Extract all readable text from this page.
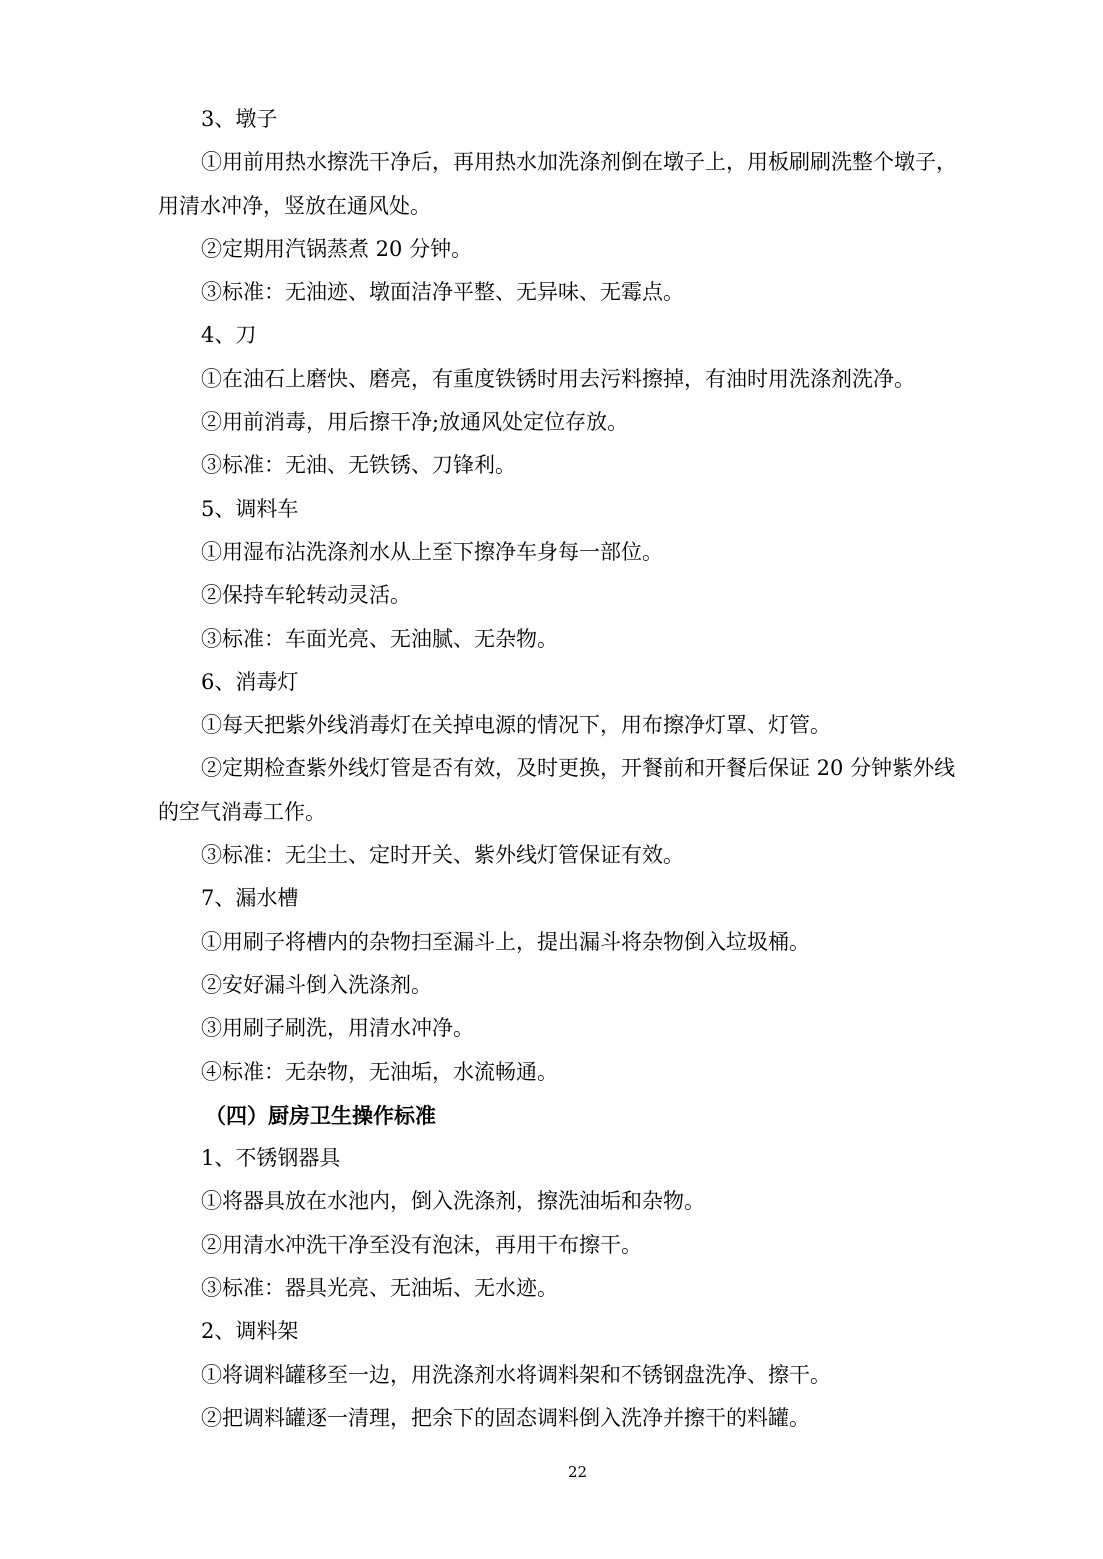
3、墩子
①用前用热水擦洗干净后，再用热水加洗涤剂倒在墩子上，用板刷刷洗整个墩子，
用清水冲净，竖放在通风处。
②定期用汽锅蒸煮 20 分钟。
③标准：无油迹、墩面洁净平整、无异味、无霉点。
4、刀
①在油石上磨快、磨亮，有重度铁锈时用去污料擦掉，有油时用洗涤剂洗净。
②用前消毒，用后擦干净;放通风处定位存放。
③标准：无油、无铁锈、刀锋利。
5、调料车
①用湿布沾洗涤剂水从上至下擦净车身每一部位。
②保持车轮转动灵活。
③标准：车面光亮、无油腻、无杂物。
6、消毒灯
①每天把紫外线消毒灯在关掉电源的情况下，用布擦净灯罩、灯管。
②定期检查紫外线灯管是否有效，及时更换，开餐前和开餐后保证 20 分钟紫外线
的空气消毒工作。
③标准：无尘土、定时开关、紫外线灯管保证有效。
7、漏水槽
①用刷子将槽内的杂物扫至漏斗上，提出漏斗将杂物倒入垃圾桶。
②安好漏斗倒入洗涤剂。
③用刷子刷洗，用清水冲净。
④标准：无杂物，无油垢，水流畅通。
（四）厨房卫生操作标准
1、不锈钢器具
①将器具放在水池内，倒入洗涤剂，擦洗油垢和杂物。
②用清水冲洗干净至没有泡沫，再用干布擦干。
③标准：器具光亮、无油垢、无水迹。
2、调料架
①将调料罐移至一边，用洗涤剂水将调料架和不锈钢盘洗净、擦干。
②把调料罐逐一清理，把余下的固态调料倒入洗净并擦干的料罐。
22
